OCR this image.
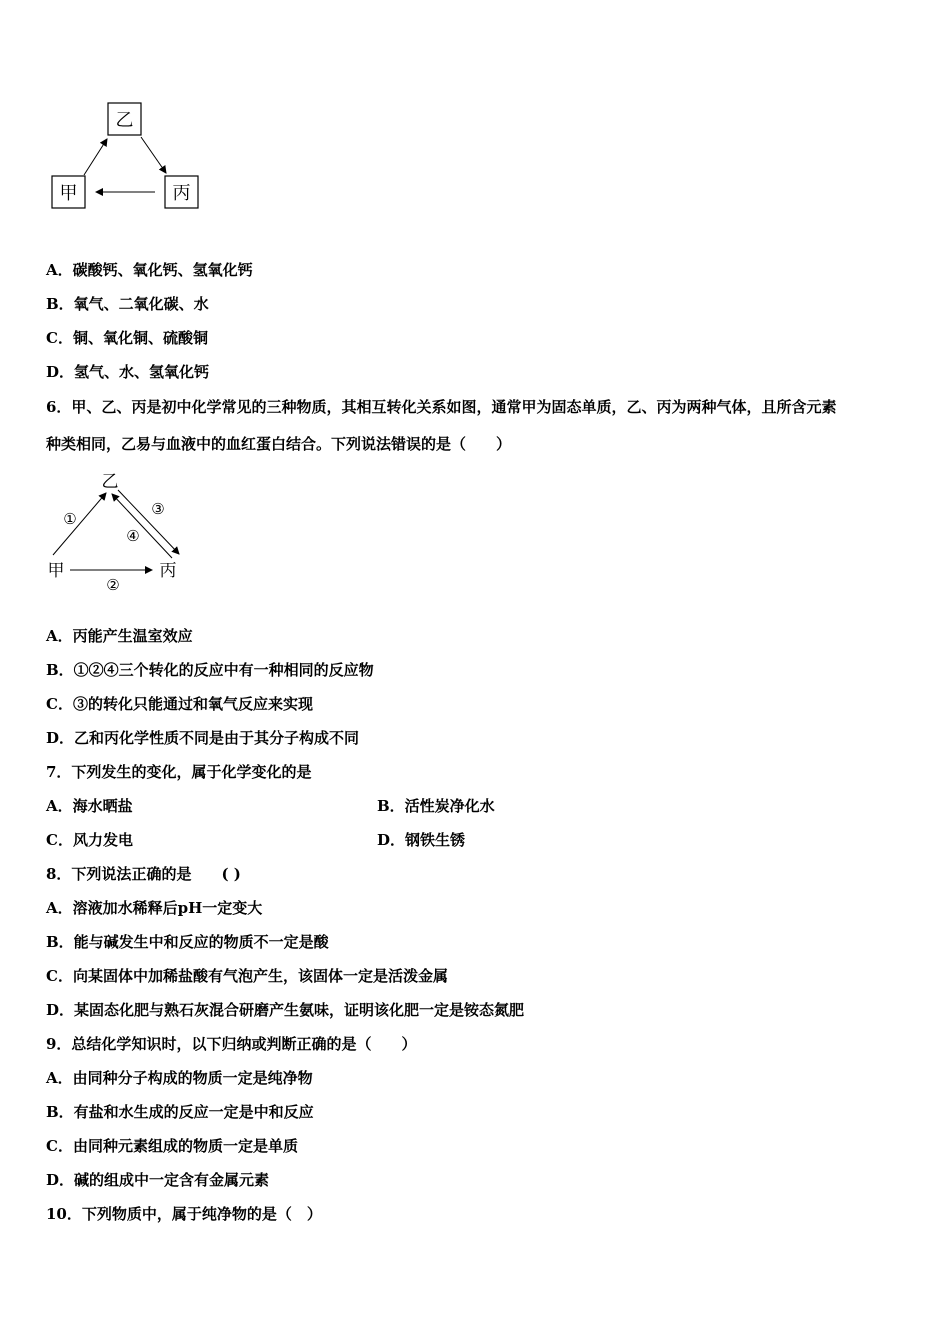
乙
甲	丙
A．碳酸钙、氧化钙、氢氧化钙
B．氧气、二氧化碳、水
C．铜、氧化铜、硫酸铜
D．氢气、水、氢氧化钙
6．甲、乙、丙是初中化学常见的三种物质，其相互转化关系如图，通常甲为固态单质，乙、丙为两种气体，且所含元素
种类相同，乙易与血液中的血红蛋白结合。下列说法错误的是（　　）
乙
甲	丙
①
②
③
④
A．丙能产生温室效应
B．①②④三个转化的反应中有一种相同的反应物
C．③的转化只能通过和氧气反应来实现
D．乙和丙化学性质不同是由于其分子构成不同
7．下列发生的变化，属于化学变化的是
A．海水晒盐	B．活性炭净化水
C．风力发电	D．钢铁生锈
8．下列说法正确的是　　( )
A．溶液加水稀释后pH一定变大
B．能与碱发生中和反应的物质不一定是酸
C．向某固体中加稀盐酸有气泡产生，该固体一定是活泼金属
D．某固态化肥与熟石灰混合研磨产生氨味，证明该化肥一定是铵态氮肥
9．总结化学知识时，以下归纳或判断正确的是（　　）
A．由同种分子构成的物质一定是纯净物
B．有盐和水生成的反应一定是中和反应
C．由同种元素组成的物质一定是单质
D．碱的组成中一定含有金属元素
10．下列物质中，属于纯净物的是（　）
